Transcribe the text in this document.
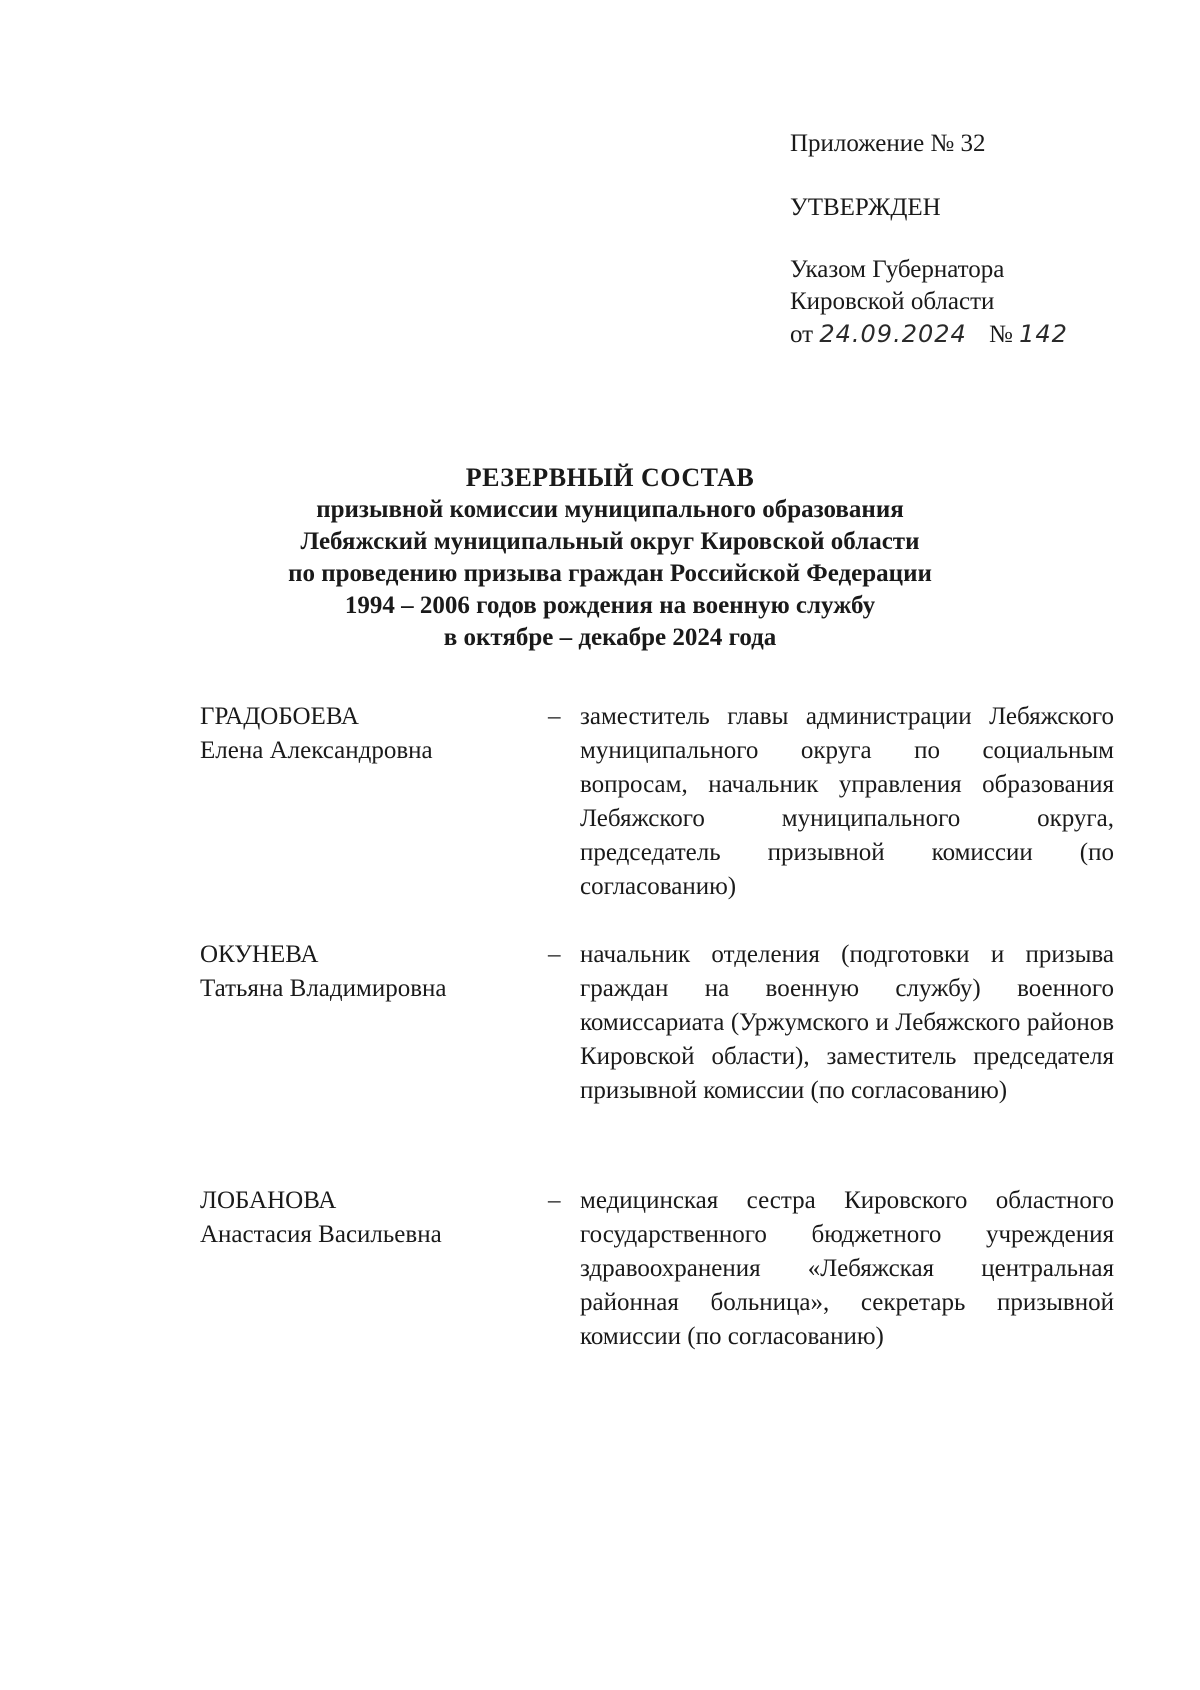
Приложение № 32

УТВЕРЖДЕН

Указом Губернатора

Кировской области

от 24.09.2024 № 142

РЕЗЕРВНЫЙ СОСТАВ
призывной комиссии муниципального образования
Лебяжский муниципальный округ Кировской области
по проведению призыва граждан Российской Федерации
1994 – 2006 годов рождения на военную службу
в октябре – декабре 2024 года
ГРАДОБОЕВА
Елена Александровна
– заместитель главы администрации Лебяжского муниципального округа по социальным вопросам, начальник управления образования Лебяжского муниципального округа, председатель призывной комиссии (по согласованию)
ОКУНЕВА
Татьяна Владимировна
– начальник отделения (подготовки и призыва граждан на военную службу) военного комиссариата (Уржумского и Лебяжского районов Кировской области), заместитель председателя призывной комиссии (по согласованию)
ЛОБАНОВА
Анастасия Васильевна
– медицинская сестра Кировского областного государственного бюджетного учреждения здравоохранения «Лебяжская центральная районная больница», секретарь призывной комиссии (по согласованию)
